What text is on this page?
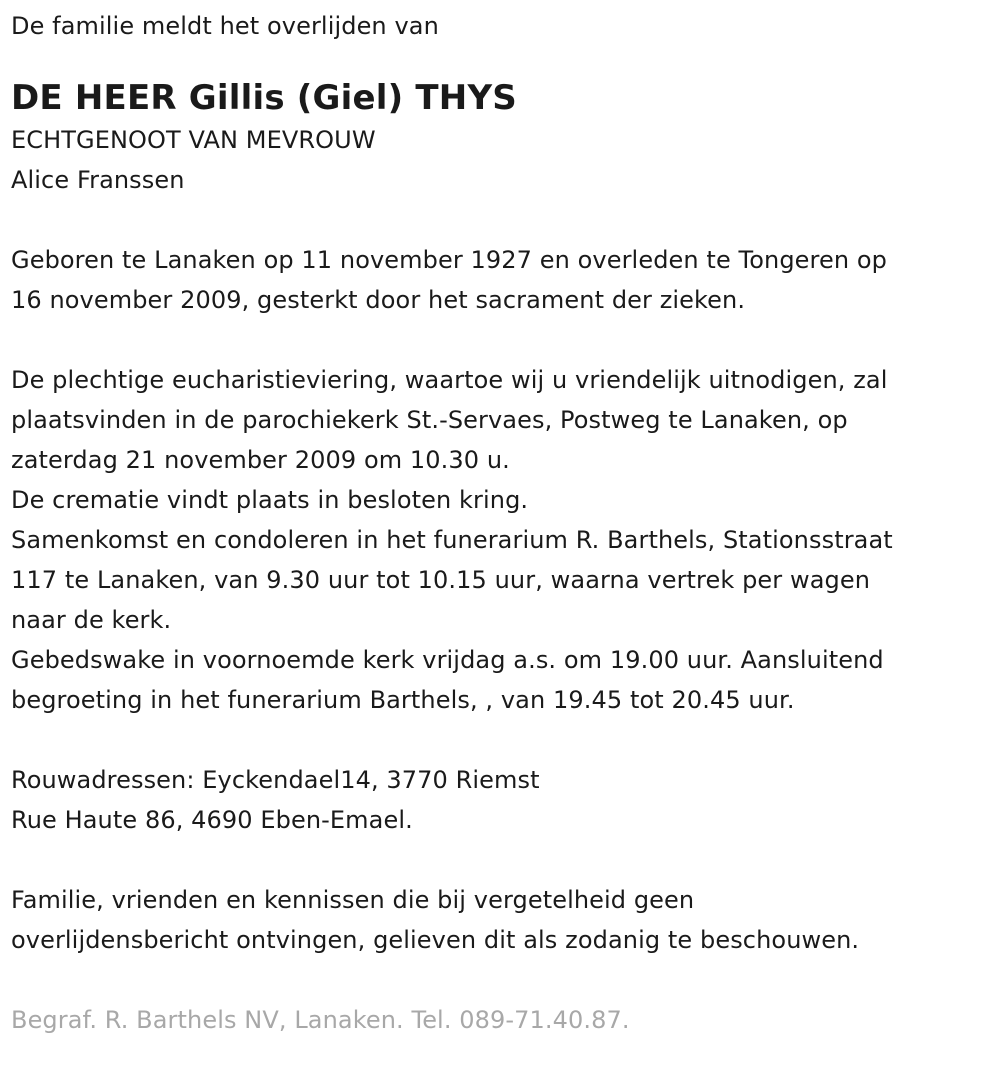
De familie meldt het overlijden van
DE HEER Gillis (Giel) THYS
ECHTGENOOT VAN MEVROUW
Alice Franssen
Geboren te Lanaken op 11 november 1927 en overleden te Tongeren op
16 november 2009, gesterkt door het sacrament der zieken.
De plechtige eucharistieviering, waartoe wij u vriendelijk uitnodigen, zal
plaatsvinden in de parochiekerk St.-Servaes, Postweg te Lanaken, op
zaterdag 21 november 2009 om 10.30 u.
De crematie vindt plaats in besloten kring.
Samenkomst en condoleren in het funerarium R. Barthels, Stationsstraat
117 te Lanaken, van 9.30 uur tot 10.15 uur, waarna vertrek per wagen
naar de kerk.
Gebedswake in voornoemde kerk vrijdag a.s. om 19.00 uur. Aansluitend
begroeting in het funerarium Barthels, , van 19.45 tot 20.45 uur.
Rouwadressen: Eyckendael14, 3770 Riemst
Rue Haute 86, 4690 Eben-Emael.
Familie, vrienden en kennissen die bij vergetelheid geen
overlijdensbericht ontvingen, gelieven dit als zodanig te beschouwen.
Begraf. R. Barthels NV, Lanaken. Tel. 089-71.40.87.
